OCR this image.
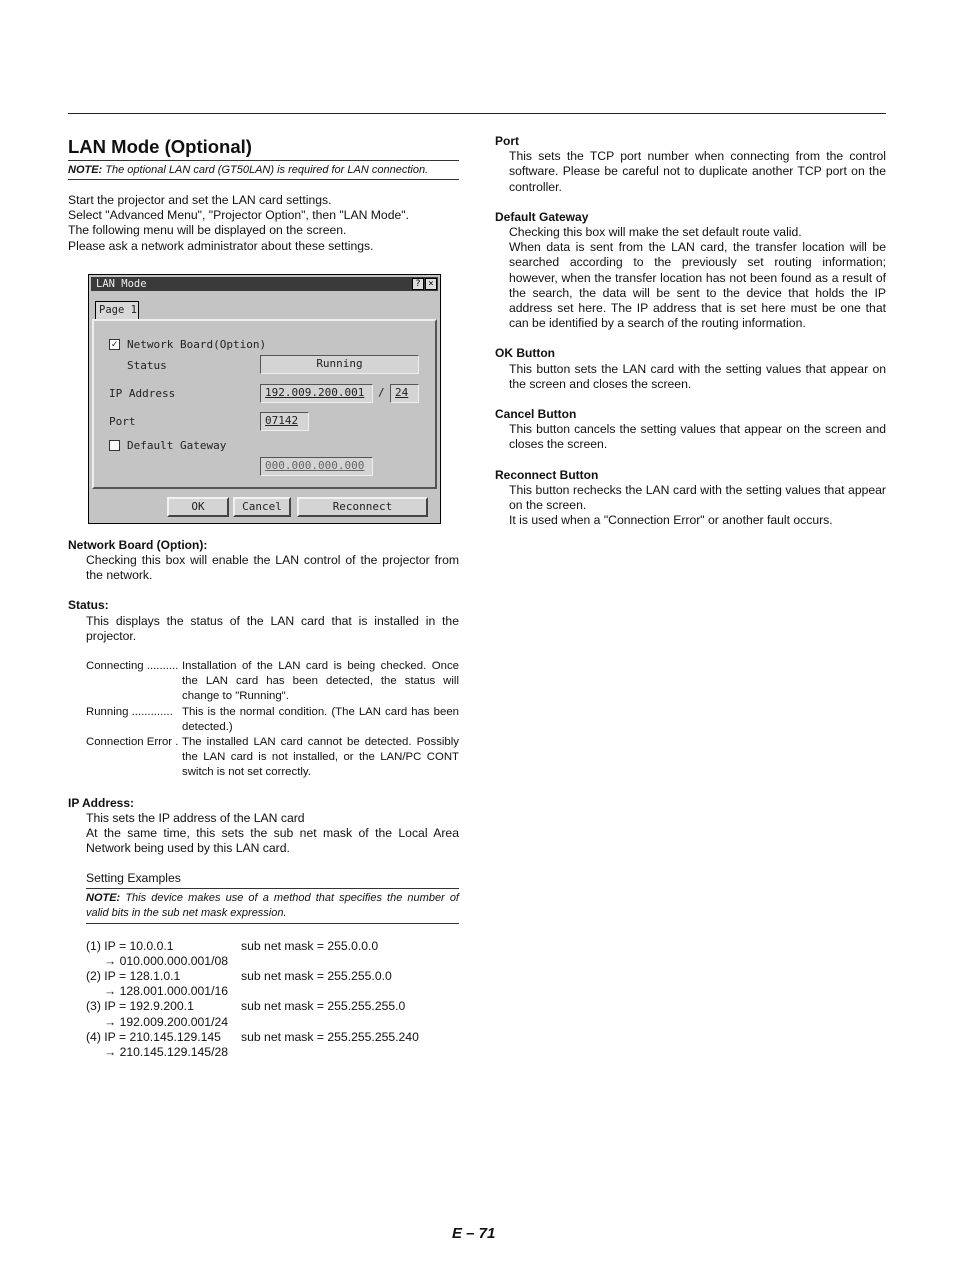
LAN Mode (Optional)
NOTE: The optional LAN card (GT50LAN) is required for LAN connection.

Start the projector and set the LAN card settings.

Select "Advanced Menu", "Projector Option", then "LAN Mode".

The following menu will be displayed on the screen.

Please ask a network administrator about these settings.

LAN Mode	? ×
Page 1
✓ Network Board(Option)
Status	Running
IP Address	192.009.200.001	/ 24
Port	07142
Default Gateway
000.000.000.000
OK	Cancel	Reconnect
Network Board (Option):
Checking this box will enable the LAN control of the projector from the network.
Status:
This displays the status of the LAN card that is installed in the projector.
Connecting .......... Installation of the LAN card is being checked. Once the LAN card has been detected, the status will change to "Running".
Running ............. This is the normal condition. (The LAN card has been detected.)
Connection Error . The installed LAN card cannot be detected. Possibly the LAN card is not installed, or the LAN/PC CONT switch is not set correctly.
IP Address:
This sets the IP address of the LAN card
At the same time, this sets the sub net mask of the Local Area Network being used by this LAN card.
Setting Examples
NOTE: This device makes use of a method that specifies the number of valid bits in the sub net mask expression.
(1) IP = 10.0.0.1	sub net mask = 255.0.0.0
→ 010.000.000.001/08
(2) IP = 128.1.0.1	sub net mask = 255.255.0.0
→ 128.001.000.001/16
(3) IP = 192.9.200.1	sub net mask = 255.255.255.0
→ 192.009.200.001/24
(4) IP = 210.145.129.145	sub net mask = 255.255.255.240
→ 210.145.129.145/28
Port
This sets the TCP port number when connecting from the control software. Please be careful not to duplicate another TCP port on the controller.
Default Gateway
Checking this box will make the set default route valid.
When data is sent from the LAN card, the transfer location will be searched according to the previously set routing information; however, when the transfer location has not been found as a result of the search, the data will be sent to the device that holds the IP address set here. The IP address that is set here must be one that can be identified by a search of the routing information.
OK Button
This button sets the LAN card with the setting values that appear on the screen and closes the screen.
Cancel Button
This button cancels the setting values that appear on the screen and closes the screen.
Reconnect Button
This button rechecks the LAN card with the setting values that appear on the screen.
It is used when a "Connection Error" or another fault occurs.
E – 71
